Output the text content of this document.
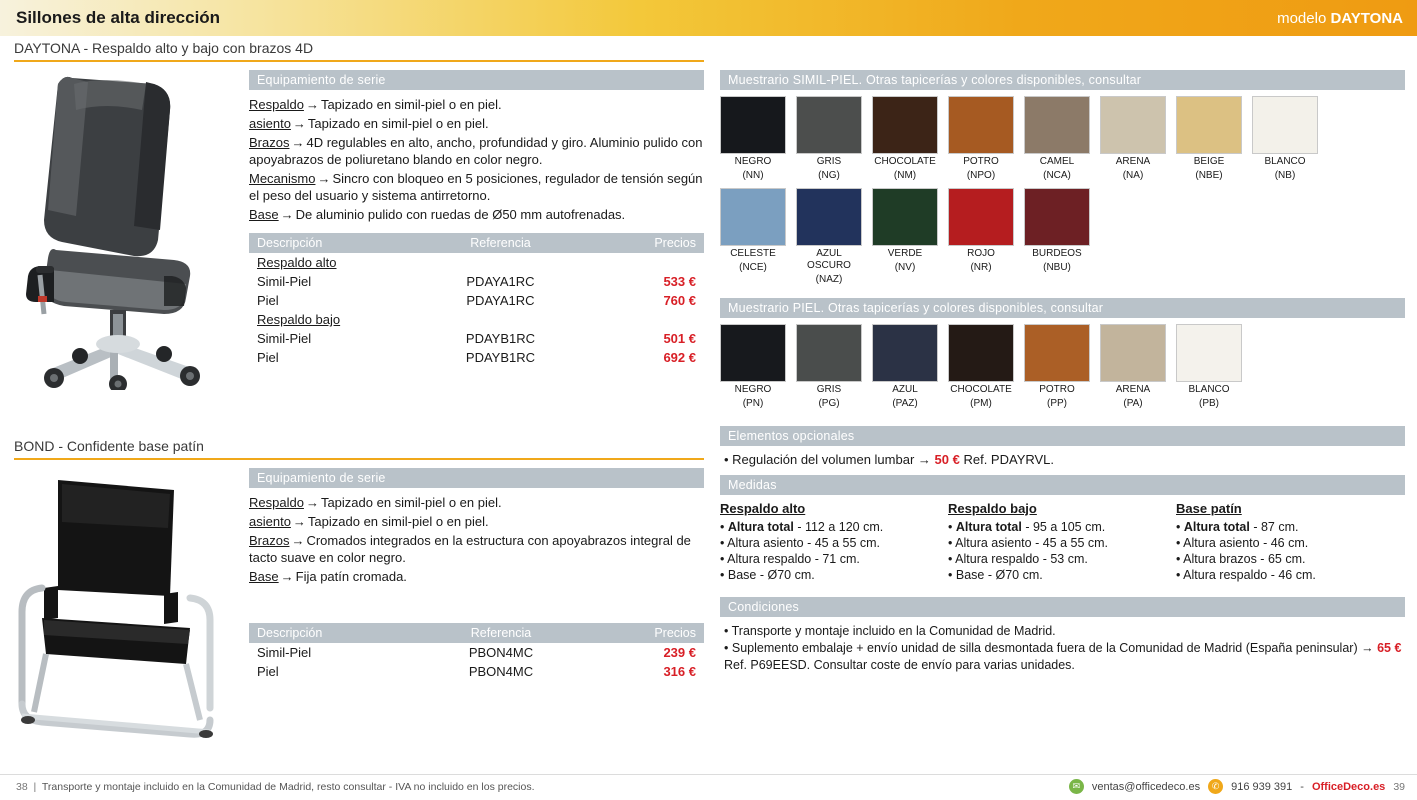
Sillones de alta dirección	modelo DAYTONA
DAYTONA - Respaldo alto y bajo con brazos 4D
Equipamiento de serie

Respaldo → Tapizado en simil-piel o en piel.

asiento → Tapizado en simil-piel o en piel.

Brazos → 4D regulables en alto, ancho, profundidad y giro. Aluminio pulido con apoyabrazos de poliuretano blando en color negro.

Mecanismo → Sincro con bloqueo en 5 posiciones, regulador de tensión según el peso del usuario y sistema antirretorno.

Base → De aluminio pulido con ruedas de Ø50 mm autofrenadas.

Descripción	Referencia	Precios
Respaldo alto		
Simil-Piel	PDAYA1RC	533 €
Piel	PDAYA1RC	760 €
Respaldo bajo		
Simil-Piel	PDAYB1RC	501 €
Piel	PDAYB1RC	692 €
BOND - Confidente base patín
Equipamiento de serie

Respaldo → Tapizado en simil-piel o en piel.

asiento → Tapizado en simil-piel o en piel.

Brazos → Cromados integrados en la estructura con apoyabrazos integral de tacto suave en color negro.

Base → Fija patín cromada.

Descripción	Referencia	Precios
Simil-Piel	PBON4MC	239 €
Piel	PBON4MC	316 €
Muestrario SIMIL-PIEL. Otras tapicerías y colores disponibles, consultar
NEGRO
(NN)
GRIS
(NG)
CHOCOLATE
(NM)
POTRO
(NPO)
CAMEL
(NCA)
ARENA
(NA)
BEIGE
(NBE)
BLANCO
(NB)
CELESTE
(NCE)
AZUL OSCURO
(NAZ)
VERDE
(NV)
ROJO
(NR)
BURDEOS
(NBU)
Muestrario PIEL. Otras tapicerías y colores disponibles, consultar
NEGRO
(PN)
GRIS
(PG)
AZUL
(PAZ)
CHOCOLATE
(PM)
POTRO
(PP)
ARENA
(PA)
BLANCO
(PB)
Elementos opcionales
• Regulación del volumen lumbar → 50 € Ref. PDAYRVL.
Medidas
Respaldo alto
• Altura total - 112 a 120 cm.
• Altura asiento - 45 a 55 cm.
• Altura respaldo - 71 cm.
• Base - Ø70 cm.
Respaldo bajo
• Altura total - 95 a 105 cm.
• Altura asiento - 45 a 55 cm.
• Altura respaldo - 53 cm.
• Base - Ø70 cm.
Base patín
• Altura total - 87 cm.
• Altura asiento - 46 cm.
• Altura brazos - 65 cm.
• Altura respaldo - 46 cm.
Condiciones
• Transporte y montaje incluido en la Comunidad de Madrid.
• Suplemento embalaje + envío unidad de silla desmontada fuera de la Comunidad de Madrid (España peninsular) → 65 € Ref. P69EESD. Consultar coste de envío para varias unidades.
38  |  Transporte y montaje incluido en la Comunidad de Madrid, resto consultar - IVA no incluido en los precios.	✉	ventas@officedeco.es	✆	916 939 391 - OfficeDeco.es 39
